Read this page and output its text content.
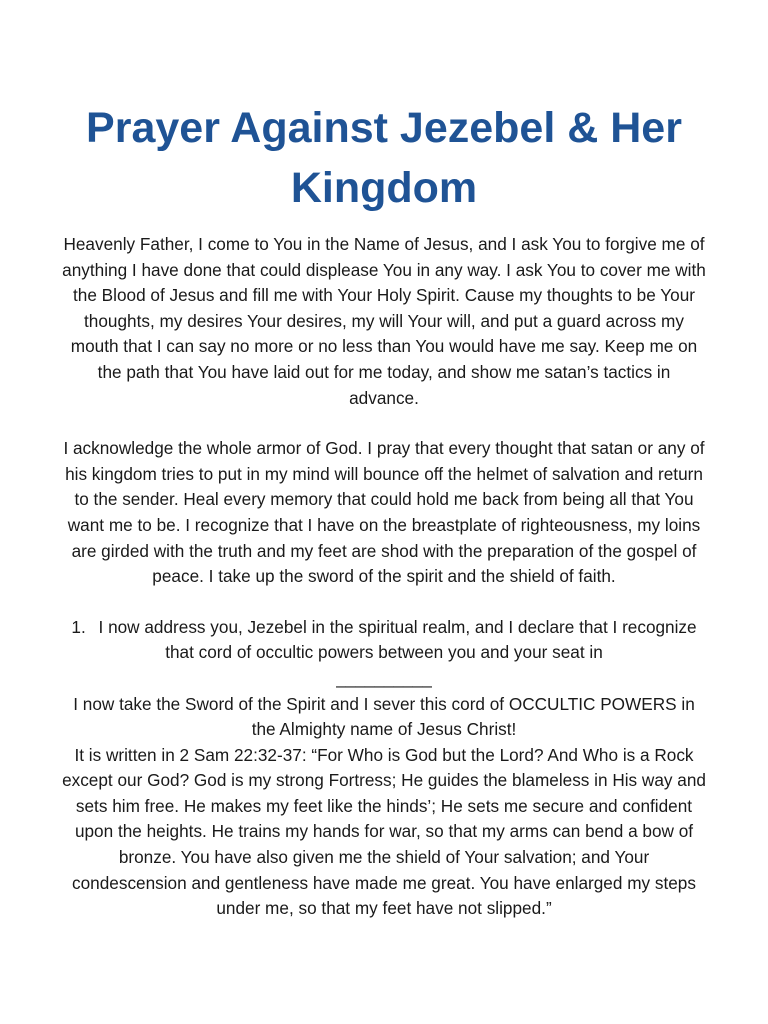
Prayer Against Jezebel & Her Kingdom

Heavenly Father, I come to You in the Name of Jesus, and I ask You to forgive me of anything I have done that could displease You in any way. I ask You to cover me with the Blood of Jesus and fill me with Your Holy Spirit. Cause my thoughts to be Your thoughts, my desires Your desires, my will Your will, and put a guard across my mouth that I can say no more or no less than You would have me say. Keep me on the path that You have laid out for me today, and show me satan’s tactics in advance.

I acknowledge the whole armor of God. I pray that every thought that satan or any of his kingdom tries to put in my mind will bounce off the helmet of salvation and return to the sender. Heal every memory that could hold me back from being all that You want me to be. I recognize that I have on the breastplate of righteousness, my loins are girded with the truth and my feet are shod with the preparation of the gospel of peace. I take up the sword of the spirit and the shield of faith.

1. I now address you, Jezebel in the spiritual realm, and I declare that I recognize that cord of occultic powers between you and your seat in
__________
I now take the Sword of the Spirit and I sever this cord of OCCULTIC POWERS in the Almighty name of Jesus Christ!
It is written in 2 Sam 22:32-37: “For Who is God but the Lord? And Who is a Rock except our God? God is my strong Fortress; He guides the blameless in His way and sets him free. He makes my feet like the hinds’; He sets me secure and confident upon the heights. He trains my hands for war, so that my arms can bend a bow of bronze. You have also given me the shield of Your salvation; and Your condescension and gentleness have made me great. You have enlarged my steps under me, so that my feet have not slipped.”
